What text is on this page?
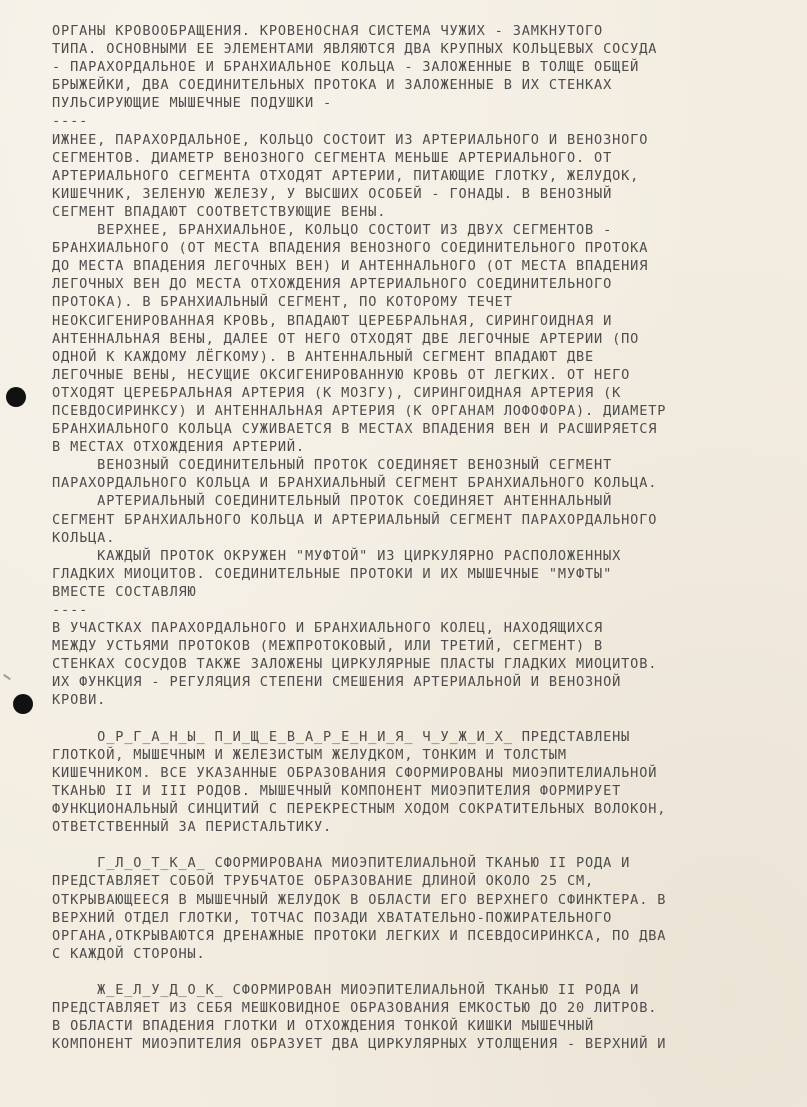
ОРГАНЫ КРОВООБРАЩЕНИЯ. КРОВЕНОСНАЯ СИСТЕМА ЧУЖИХ - ЗАМКНУТОГО
ТИПА. ОСНОВНЫМИ ЕЕ ЭЛЕМЕНТАМИ ЯВЛЯЮТСЯ ДВА КРУПНЫХ КОЛЬЦЕВЫХ СОСУДА
- ПАРАХОРДАЛЬНОЕ И БРАНХИАЛЬНОЕ КОЛЬЦА - ЗАЛОЖЕННЫЕ В ТОЛЩЕ ОБЩЕЙ
БРЫЖЕЙКИ, ДВА СОЕДИНИТЕЛЬНЫХ ПРОТОКА И ЗАЛОЖЕННЫЕ В ИХ СТЕНКАХ
ПУЛЬСИРУЮЩИЕ МЫШЕЧНЫЕ ПОДУШКИ -
----
ИЖНЕЕ, ПАРАХОРДАЛЬНОЕ, КОЛЬЦО СОСТОИТ ИЗ АРТЕРИАЛЬНОГО И ВЕНОЗНОГО
СЕГМЕНТОВ. ДИАМЕТР ВЕНОЗНОГО СЕГМЕНТА МЕНЬШЕ АРТЕРИАЛЬНОГО. ОТ
АРТЕРИАЛЬНОГО СЕГМЕНТА ОТХОДЯТ АРТЕРИИ, ПИТАЮЩИЕ ГЛОТКУ, ЖЕЛУДОК,
КИШЕЧНИК, ЗЕЛЕНУЮ ЖЕЛЕЗУ, У ВЫСШИХ ОСОБЕЙ - ГОНАДЫ. В ВЕНОЗНЫЙ
СЕГМЕНТ ВПАДАЮТ СООТВЕТСТВУЮЩИЕ ВЕНЫ.
ВЕРХНЕЕ, БРАНХИАЛЬНОЕ, КОЛЬЦО СОСТОИТ ИЗ ДВУХ СЕГМЕНТОВ -
БРАНХИАЛЬНОГО (ОТ МЕСТА ВПАДЕНИЯ ВЕНОЗНОГО СОЕДИНИТЕЛЬНОГО ПРОТОКА
ДО МЕСТА ВПАДЕНИЯ ЛЕГОЧНЫХ ВЕН) И АНТЕННАЛЬНОГО (ОТ МЕСТА ВПАДЕНИЯ
ЛЕГОЧНЫХ ВЕН ДО МЕСТА ОТХОЖДЕНИЯ АРТЕРИАЛЬНОГО СОЕДИНИТЕЛЬНОГО
ПРОТОКА). В БРАНХИАЛЬНЫЙ СЕГМЕНТ, ПО КОТОРОМУ ТЕЧЕТ
НЕОКСИГЕНИРОВАННАЯ КРОВЬ, ВПАДАЮТ ЦЕРЕБРАЛЬНАЯ, СИРИНГОИДНАЯ И
АНТЕННАЛЬНАЯ ВЕНЫ, ДАЛЕЕ ОТ НЕГО ОТХОДЯТ ДВЕ ЛЕГОЧНЫЕ АРТЕРИИ (ПО
ОДНОЙ К КАЖДОМУ ЛЁГКОМУ). В АНТЕННАЛЬНЫЙ СЕГМЕНТ ВПАДАЮТ ДВЕ
ЛЕГОЧНЫЕ ВЕНЫ, НЕСУЩИЕ ОКСИГЕНИРОВАННУЮ КРОВЬ ОТ ЛЕГКИХ. ОТ НЕГО
ОТХОДЯТ ЦЕРЕБРАЛЬНАЯ АРТЕРИЯ (К МОЗГУ), СИРИНГОИДНАЯ АРТЕРИЯ (К
ПСЕВДОСИРИНКСУ) И АНТЕННАЛЬНАЯ АРТЕРИЯ (К ОРГАНАМ ЛОФОФОРА). ДИАМЕТР
БРАНХИАЛЬНОГО КОЛЬЦА СУЖИВАЕТСЯ В МЕСТАХ ВПАДЕНИЯ ВЕН И РАСШИРЯЕТСЯ
В МЕСТАХ ОТХОЖДЕНИЯ АРТЕРИЙ.
ВЕНОЗНЫЙ СОЕДИНИТЕЛЬНЫЙ ПРОТОК СОЕДИНЯЕТ ВЕНОЗНЫЙ СЕГМЕНТ
ПАРАХОРДАЛЬНОГО КОЛЬЦА И БРАНХИАЛЬНЫЙ СЕГМЕНТ БРАНХИАЛЬНОГО КОЛЬЦА.
АРТЕРИАЛЬНЫЙ СОЕДИНИТЕЛЬНЫЙ ПРОТОК СОЕДИНЯЕТ АНТЕННАЛЬНЫЙ
СЕГМЕНТ БРАНХИАЛЬНОГО КОЛЬЦА И АРТЕРИАЛЬНЫЙ СЕГМЕНТ ПАРАХОРДАЛЬНОГО
КОЛЬЦА.
КАЖДЫЙ ПРОТОК ОКРУЖЕН "МУФТОЙ" ИЗ ЦИРКУЛЯРНО РАСПОЛОЖЕННЫХ
ГЛАДКИХ МИОЦИТОВ. СОЕДИНИТЕЛЬНЫЕ ПРОТОКИ И ИХ МЫШЕЧНЫЕ "МУФТЫ"
ВМЕСТЕ СОСТАВЛЯЮ
----
В УЧАСТКАХ ПАРАХОРДАЛЬНОГО И БРАНХИАЛЬНОГО КОЛЕЦ, НАХОДЯЩИХСЯ
МЕЖДУ УСТЬЯМИ ПРОТОКОВ (МЕЖПРОТОКОВЫЙ, ИЛИ ТРЕТИЙ, СЕГМЕНТ) В
СТЕНКАХ СОСУДОВ ТАКЖЕ ЗАЛОЖЕНЫ ЦИРКУЛЯРНЫЕ ПЛАСТЫ ГЛАДКИХ МИОЦИТОВ.
ИХ ФУНКЦИЯ - РЕГУЛЯЦИЯ СТЕПЕНИ СМЕШЕНИЯ АРТЕРИАЛЬНОЙ И ВЕНОЗНОЙ
КРОВИ.
О_Р_Г_А_Н_Ы_ П_И_Щ_Е_В_А_Р_Е_Н_И_Я_ Ч_У_Ж_И_Х_ ПРЕДСТАВЛЕНЫ
ГЛОТКОЙ, МЫШЕЧНЫМ И ЖЕЛЕЗИСТЫМ ЖЕЛУДКОМ, ТОНКИМ И ТОЛСТЫМ
КИШЕЧНИКОМ. ВСЕ УКАЗАННЫЕ ОБРАЗОВАНИЯ СФОРМИРОВАНЫ МИОЭПИТЕЛИАЛЬНОЙ
ТКАНЬЮ II И III РОДОВ. МЫШЕЧНЫЙ КОМПОНЕНТ МИОЭПИТЕЛИЯ ФОРМИРУЕТ
ФУНКЦИОНАЛЬНЫЙ СИНЦИТИЙ С ПЕРЕКРЕСТНЫМ ХОДОМ СОКРАТИТЕЛЬНЫХ ВОЛОКОН,
ОТВЕТСТВЕННЫЙ ЗА ПЕРИСТАЛЬТИКУ.
Г_Л_О_Т_К_А_ СФОРМИРОВАНА МИОЭПИТЕЛИАЛЬНОЙ ТКАНЬЮ II РОДА И
ПРЕДСТАВЛЯЕТ СОБОЙ ТРУБЧАТОЕ ОБРАЗОВАНИЕ ДЛИНОЙ ОКОЛО 25 СМ,
ОТКРЫВАЮЩЕЕСЯ В МЫШЕЧНЫЙ ЖЕЛУДОК В ОБЛАСТИ ЕГО ВЕРХНЕГО СФИНКТЕРА. В
ВЕРХНИЙ ОТДЕЛ ГЛОТКИ, ТОТЧАС ПОЗАДИ ХВАТАТЕЛЬНО-ПОЖИРАТЕЛЬНОГО
ОРГАНА,ОТКРЫВАЮТСЯ ДРЕНАЖНЫЕ ПРОТОКИ ЛЕГКИХ И ПСЕВДОСИРИНКСА, ПО ДВА
С КАЖДОЙ СТОРОНЫ.
Ж_Е_Л_У_Д_О_К_ СФОРМИРОВАН МИОЭПИТЕЛИАЛЬНОЙ ТКАНЬЮ II РОДА И
ПРЕДСТАВЛЯЕТ ИЗ СЕБЯ МЕШКОВИДНОЕ ОБРАЗОВАНИЯ ЕМКОСТЬЮ ДО 20 ЛИТРОВ.
В ОБЛАСТИ ВПАДЕНИЯ ГЛОТКИ И ОТХОЖДЕНИЯ ТОНКОЙ КИШКИ МЫШЕЧНЫЙ
КОМПОНЕНТ МИОЭПИТЕЛИЯ ОБРАЗУЕТ ДВА ЦИРКУЛЯРНЫХ УТОЛЩЕНИЯ - ВЕРХНИЙ И
